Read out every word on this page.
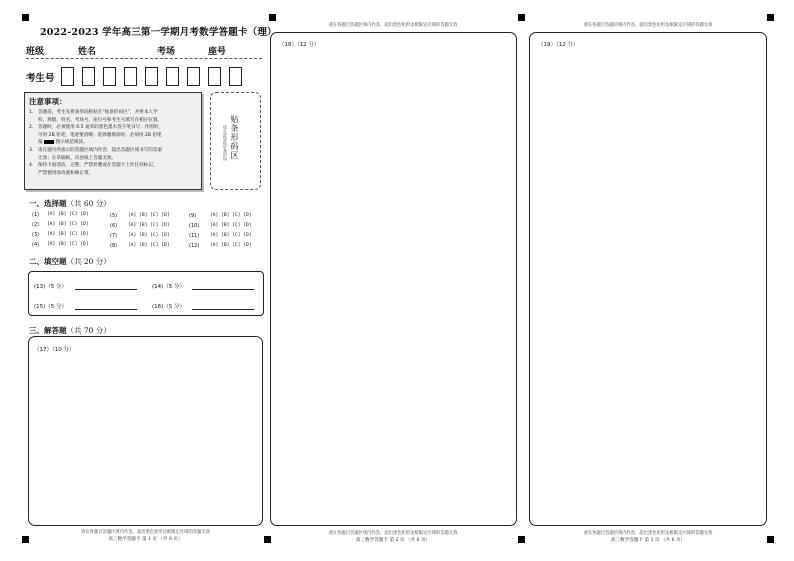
2022-2023 学年高三第一学期月考数学答题卡（理）
班级	姓名	考场	座号
考生号
注意事项：
1. 答题前，考生先将条形码粘贴在“贴条形码区”，并将本人学
校、班级、姓名、考场号、座位号和考生号填写在相应位置。
2. 答题时，必须使用 0.5 毫米的黑色墨水签字笔书写；作图时，
可用 2B 铅笔，笔迹要清晰；选择题填涂时，必须用 2B 铅笔
按	图示规范填涂。
3. 请在题号所指示的答题区域内作答，超出答题区域书写的答案
无效；在草稿纸、试卷纸上答题无效。
4. 保持卡面清洁，完整，严禁折叠或在答题卡上作任何标记，
严禁使用涂改液和修正带。
贴条形码区
请在此处贴好条形码
一、选择题（共 60 分）
(1) [A] [B] [C] [D]
(2) [A] [B] [C] [D]
(3) [A] [B] [C] [D]
(4) [A] [B] [C] [D]
(5) [A] [B] [C] [D]
(6) [A] [B] [C] [D]
(7) [A] [B] [C] [D]
(8) [A] [B] [C] [D]
(9)	[A] [B] [C] [D]
(10) [A] [B] [C] [D]
(11) [A] [B] [C] [D]
(12) [A] [B] [C] [D]
二、填空题（共 20 分）
(13)（5 分）	(14)（5 分）
(15)（5 分）	(16)（5 分）
三、解答题（共 70 分）
（17）（10 分）
请在各题目答题区域内作答，超出黑色矩形边框限定区域的答题无效
高三数学答题卡 第 1 页 （共 6 页）
请在各题目答题区域内作答，超出黑色矩形边框限定区域的答题无效
（18）（12 分）
请在各题目答题区域内作答，超出黑色矩形边框限定区域的答题无效
高三数学答题卡 第 2 页 （共 6 页）
请在各题目答题区域内作答，超出黑色矩形边框限定区域的答题无效
（19）（12 分）
请在各题目答题区域内作答，超出黑色矩形边框限定区域的答题无效
高三数学答题卡 第 3 页 （共 6 页）
